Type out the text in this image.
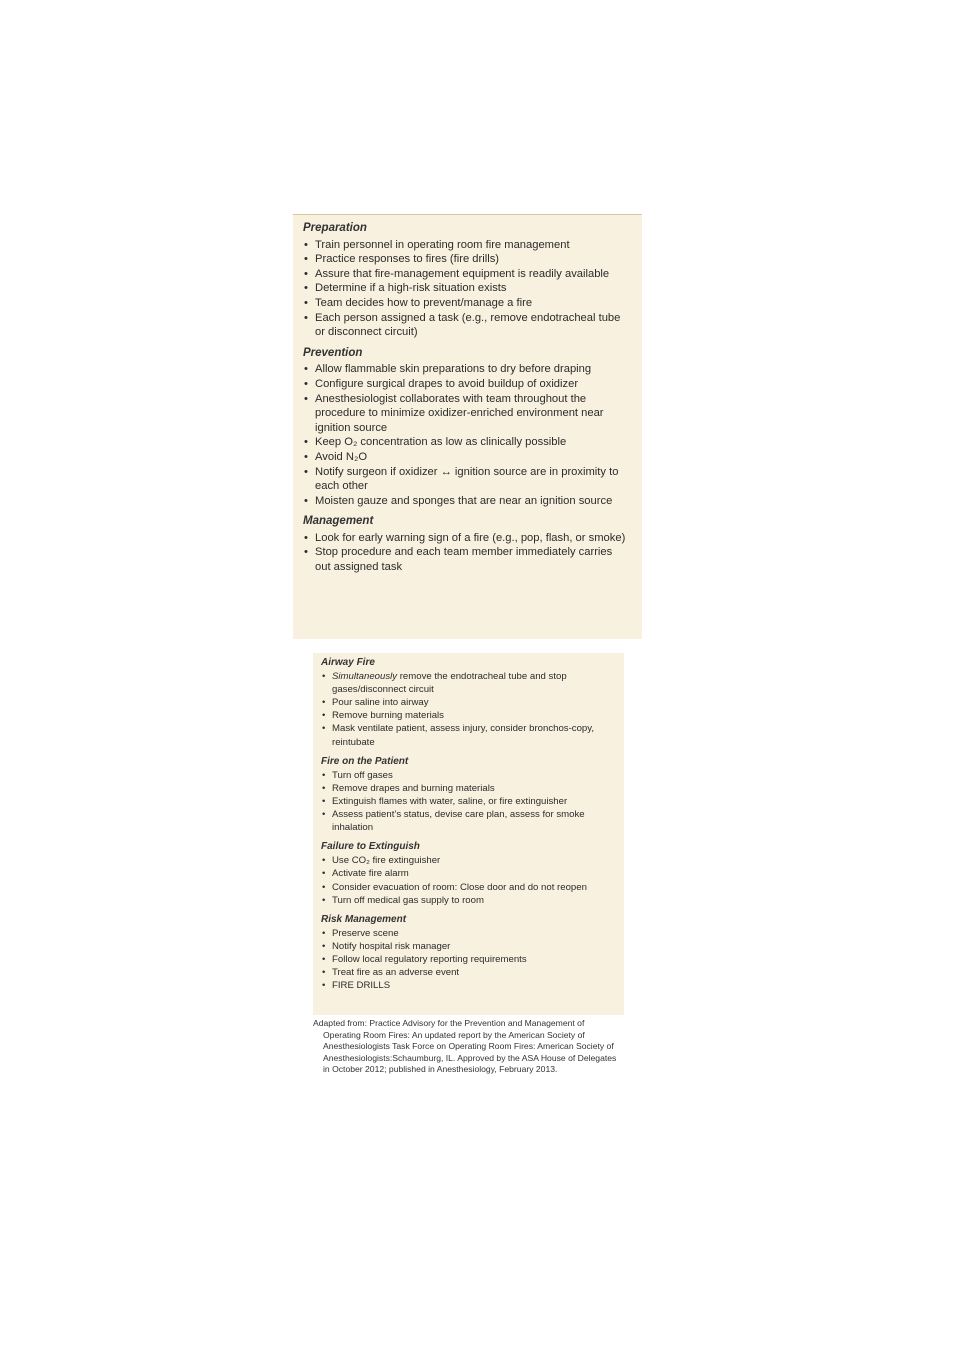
Preparation

• Train personnel in operating room fire management
• Practice responses to fires (fire drills)
• Assure that fire-management equipment is readily available
• Determine if a high-risk situation exists
• Team decides how to prevent/manage a fire
• Each person assigned a task (e.g., remove endotracheal tube or disconnect circuit)

Prevention

• Allow flammable skin preparations to dry before draping
• Configure surgical drapes to avoid buildup of oxidizer
• Anesthesiologist collaborates with team throughout the procedure to minimize oxidizer-enriched environment near ignition source
• Keep O₂ concentration as low as clinically possible
• Avoid N₂O
• Notify surgeon if oxidizer ↔ ignition source are in proximity to each other
• Moisten gauze and sponges that are near an ignition source

Management

• Look for early warning sign of a fire (e.g., pop, flash, or smoke)
• Stop procedure and each team member immediately carries out assigned task

Airway Fire

• Simultaneously remove the endotracheal tube and stop gases/disconnect circuit
• Pour saline into airway
• Remove burning materials
• Mask ventilate patient, assess injury, consider bronchos-copy, reintubate

Fire on the Patient

• Turn off gases
• Remove drapes and burning materials
• Extinguish flames with water, saline, or fire extinguisher
• Assess patient’s status, devise care plan, assess for smoke inhalation

Failure to Extinguish

• Use CO₂ fire extinguisher
• Activate fire alarm
• Consider evacuation of room: Close door and do not reopen
• Turn off medical gas supply to room

Risk Management

• Preserve scene
• Notify hospital risk manager
• Follow local regulatory reporting requirements
• Treat fire as an adverse event
• FIRE DRILLS
Adapted from: Practice Advisory for the Prevention and Management of Operating Room Fires: An updated report by the American Society of Anesthesiologists Task Force on Operating Room Fires: American Society of Anesthesiologists:Schaumburg, IL. Approved by the ASA House of Delegates in October 2012; published in Anesthesiology, February 2013.
